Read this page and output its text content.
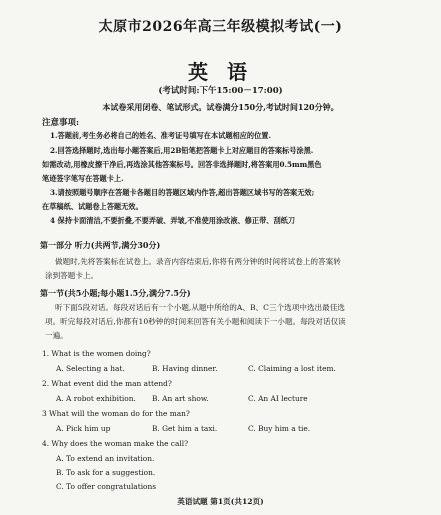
太原市2026年高三年级模拟考试(一)
英 语
(考试时间:下午15:00－17:00)
本试卷采用闭卷、笔试形式。试卷满分150分,考试时间120分钟。
注意事项:
1.答题前,考生务必将自己的姓名、准考证号填写在本试题相应的位置.
2.回答选择题时,选出每小题答案后,用2B铅笔把答题卡上对应题目的答案标号涂黑.
如需改动,用橡皮擦干净后,再选涂其他答案标号。回答非选择题时,将答案用0.5mm黑色
笔迹签字笔写在答题卡上.
3.请按照题号顺序在答题卡各题目的答题区域内作答,超出答题区域书写的答案无效;
在草稿纸、试题卷上答题无效。
4 保持卡面清洁,不要折叠,不要弄破、弄皱,不准使用涂改液、修正带、刮纸刀
第一部分 听力(共两节,满分30分)
做题时,先将答案标在试卷上。录音内容结束后,你将有两分钟的时间将试卷上的答案转
涂到答题卡上。
第一节(共5小题;每小题1.5分,满分7.5分)
听下面5段对话。每段对话后有一个小题,从题中所给的A、B、C三个选项中选出最佳选
项。听完每段对话后,你都有10秒钟的时间来回答有关小题和阅读下一小题。每段对话仅读
一遍。
1. What is the women doing?
A. Selecting a hat.	B. Having dinner.	C. Claiming a lost item.
2. What event did the man attend?
A. A robot exhibition. B. An art show.	C. An AI lecture
3 What will the woman do for the man?
A. Pick him up	B. Get him a taxi.	C. Buy him a tie.
4. Why does the woman make the call?
A. To extend an invitation.
B. To ask for a suggestion.
C. To offer congratulations
英语试题 第1页(共12页)
